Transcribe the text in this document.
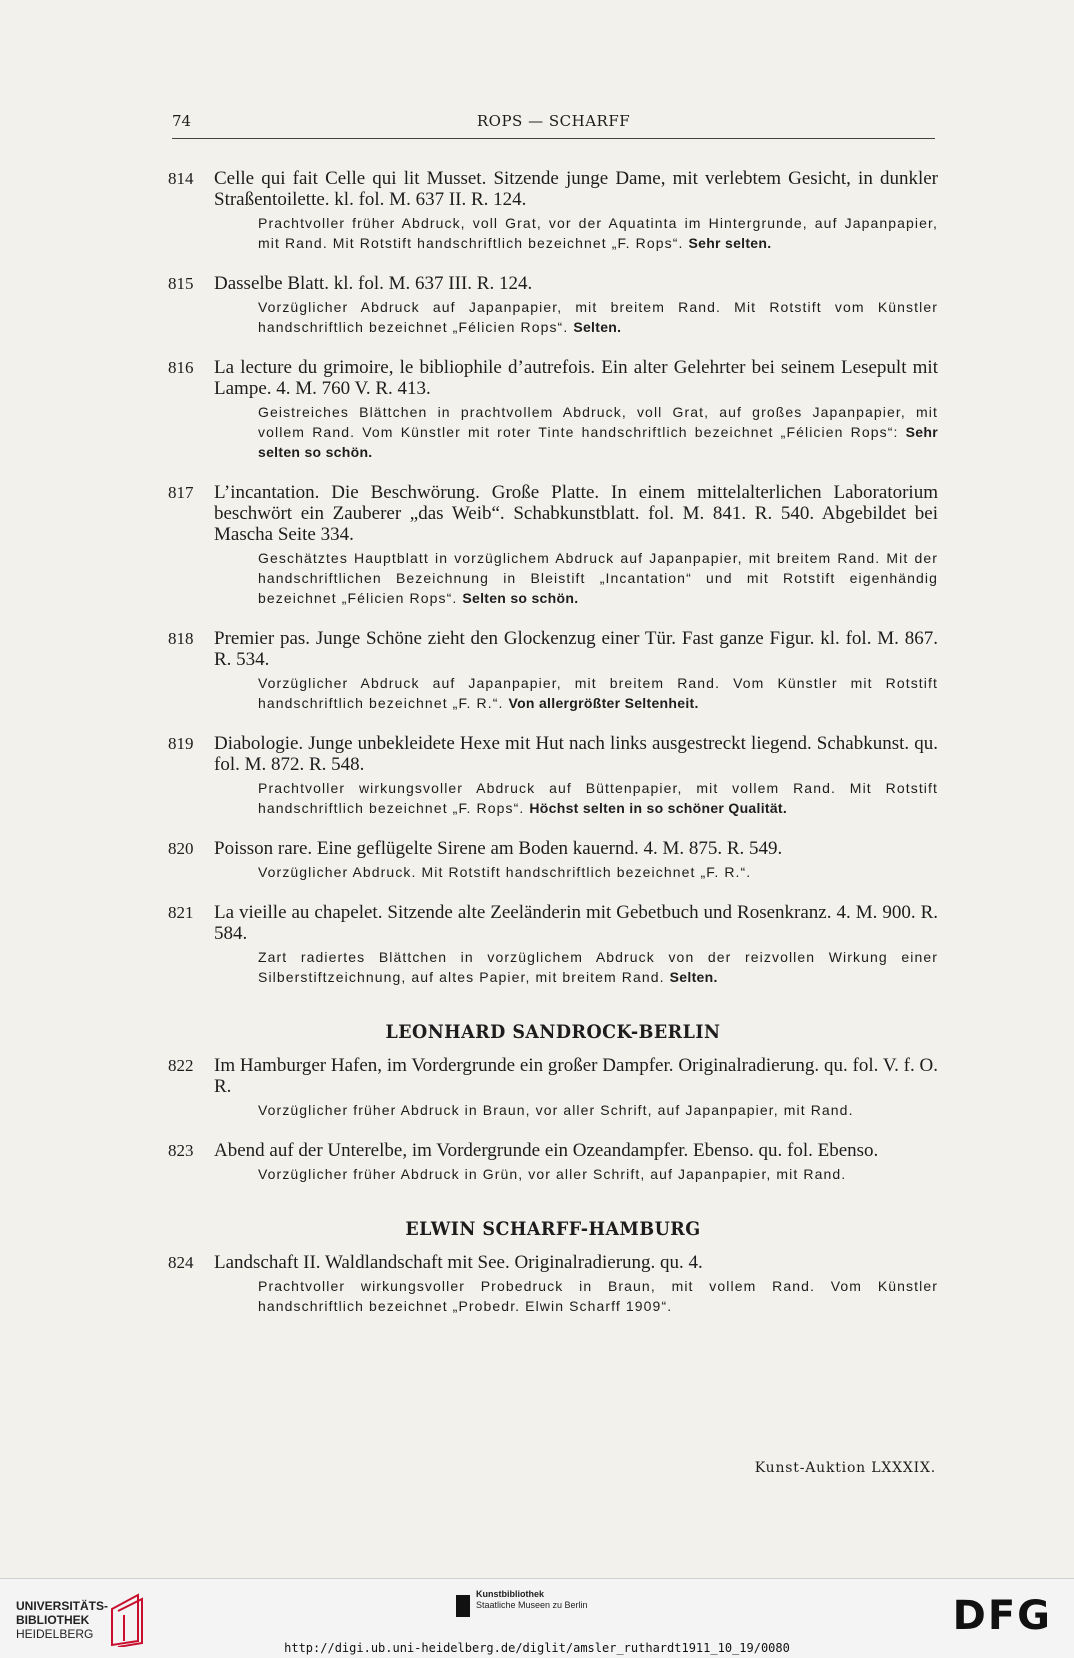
74	ROPS — SCHARFF
814	Celle qui fait Celle qui lit Musset. Sitzende junge Dame, mit verlebtem Gesicht, in dunkler Straßentoilette. kl. fol. M. 637 II. R. 124.
Prachtvoller früher Abdruck, voll Grat, vor der Aquatinta im Hintergrunde, auf Japanpapier, mit Rand. Mit Rotstift handschriftlich bezeichnet „F. Rops“. Sehr selten.
815	Dasselbe Blatt. kl. fol. M. 637 III. R. 124.
Vorzüglicher Abdruck auf Japanpapier, mit breitem Rand. Mit Rotstift vom Künstler handschriftlich bezeichnet „Félicien Rops“. Selten.
816	La lecture du grimoire, le bibliophile d’autrefois. Ein alter Gelehrter bei seinem Lesepult mit Lampe. 4. M. 760 V. R. 413.
Geistreiches Blättchen in prachtvollem Abdruck, voll Grat, auf großes Japanpapier, mit vollem Rand. Vom Künstler mit roter Tinte handschriftlich bezeichnet „Félicien Rops“: Sehr selten so schön.
817	L’incantation. Die Beschwörung. Große Platte. In einem mittelalterlichen Laboratorium beschwört ein Zauberer „das Weib“. Schabkunstblatt. fol. M. 841. R. 540. Abgebildet bei Mascha Seite 334.
Geschätztes Hauptblatt in vorzüglichem Abdruck auf Japanpapier, mit breitem Rand. Mit der handschriftlichen Bezeichnung in Bleistift „Incantation“ und mit Rotstift eigenhändig bezeichnet „Félicien Rops“. Selten so schön.
818	Premier pas. Junge Schöne zieht den Glockenzug einer Tür. Fast ganze Figur. kl. fol. M. 867. R. 534.
Vorzüglicher Abdruck auf Japanpapier, mit breitem Rand. Vom Künstler mit Rotstift handschriftlich bezeichnet „F. R.“. Von allergrößter Seltenheit.
819	Diabologie. Junge unbekleidete Hexe mit Hut nach links ausgestreckt liegend. Schabkunst. qu. fol. M. 872. R. 548.
Prachtvoller wirkungsvoller Abdruck auf Büttenpapier, mit vollem Rand. Mit Rotstift handschriftlich bezeichnet „F. Rops“. Höchst selten in so schöner Qualität.
820	Poisson rare. Eine geflügelte Sirene am Boden kauernd. 4. M. 875. R. 549.
Vorzüglicher Abdruck. Mit Rotstift handschriftlich bezeichnet „F. R.“.
821	La vieille au chapelet. Sitzende alte Zeeländerin mit Gebetbuch und Rosenkranz. 4. M. 900. R. 584.
Zart radiertes Blättchen in vorzüglichem Abdruck von der reizvollen Wirkung einer Silberstiftzeichnung, auf altes Papier, mit breitem Rand. Selten.
LEONHARD SANDROCK-BERLIN
822	Im Hamburger Hafen, im Vordergrunde ein großer Dampfer. Originalradierung. qu. fol. V. f. O. R.
Vorzüglicher früher Abdruck in Braun, vor aller Schrift, auf Japanpapier, mit Rand.
823	Abend auf der Unterelbe, im Vordergrunde ein Ozeandampfer. Ebenso. qu. fol. Ebenso.
Vorzüglicher früher Abdruck in Grün, vor aller Schrift, auf Japanpapier, mit Rand.
ELWIN SCHARFF-HAMBURG
824	Landschaft II. Waldlandschaft mit See. Originalradierung. qu. 4.
Prachtvoller wirkungsvoller Probedruck in Braun, mit vollem Rand. Vom Künstler handschriftlich bezeichnet „Probedr. Elwin Scharff 1909“.
Kunst-Auktion LXXXIX.
UNIVERSITÄTS-
BIBLIOTHEK
HEIDELBERG
Kunstbibliothek
Staatliche Museen zu Berlin	DFG
http://digi.ub.uni-heidelberg.de/diglit/amsler_ruthardt1911_10_19/0080
